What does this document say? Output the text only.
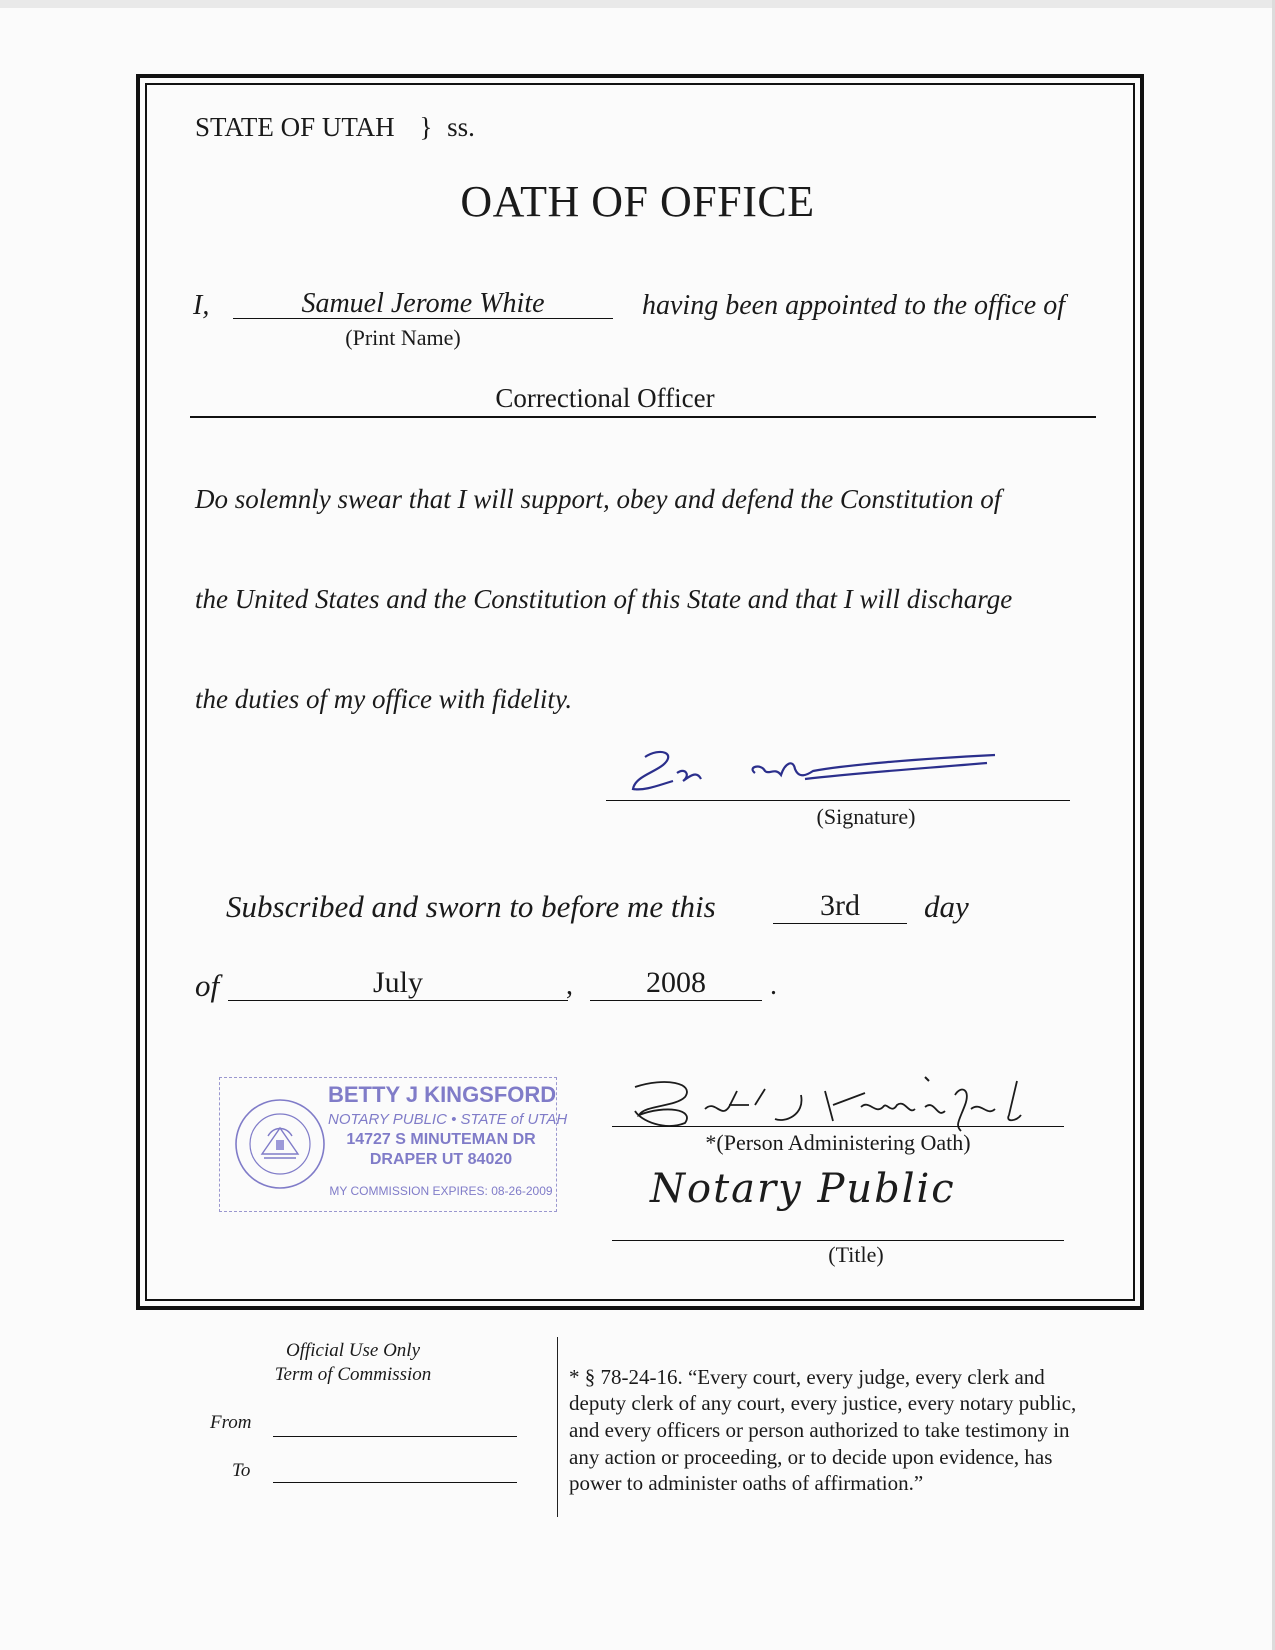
STATE OF UTAH } ss.
OATH OF OFFICE
I,	Samuel Jerome White
(Print Name)
having been appointed to the office of
Correctional Officer
Do solemnly swear that I will support, obey and defend the Constitution of
the United States and the Constitution of this State and that I will discharge
the duties of my office with fidelity.
(Signature)
Subscribed and sworn to before me this	3rd	day
of	July	,	2008	.
BETTY J KINGSFORD
NOTARY PUBLIC • STATE of UTAH
14727 S MINUTEMAN DR
DRAPER UT 84020
MY COMMISSION EXPIRES: 08-26-2009
*(Person Administering Oath)
Notary Public
(Title)
Official Use Only
Term of Commission
From
To
* § 78-24-16. “Every court, every judge, every clerk and
deputy clerk of any court, every justice, every notary public,
and every officers or person authorized to take testimony in
any action or proceeding, or to decide upon evidence, has
power to administer oaths of affirmation.”
